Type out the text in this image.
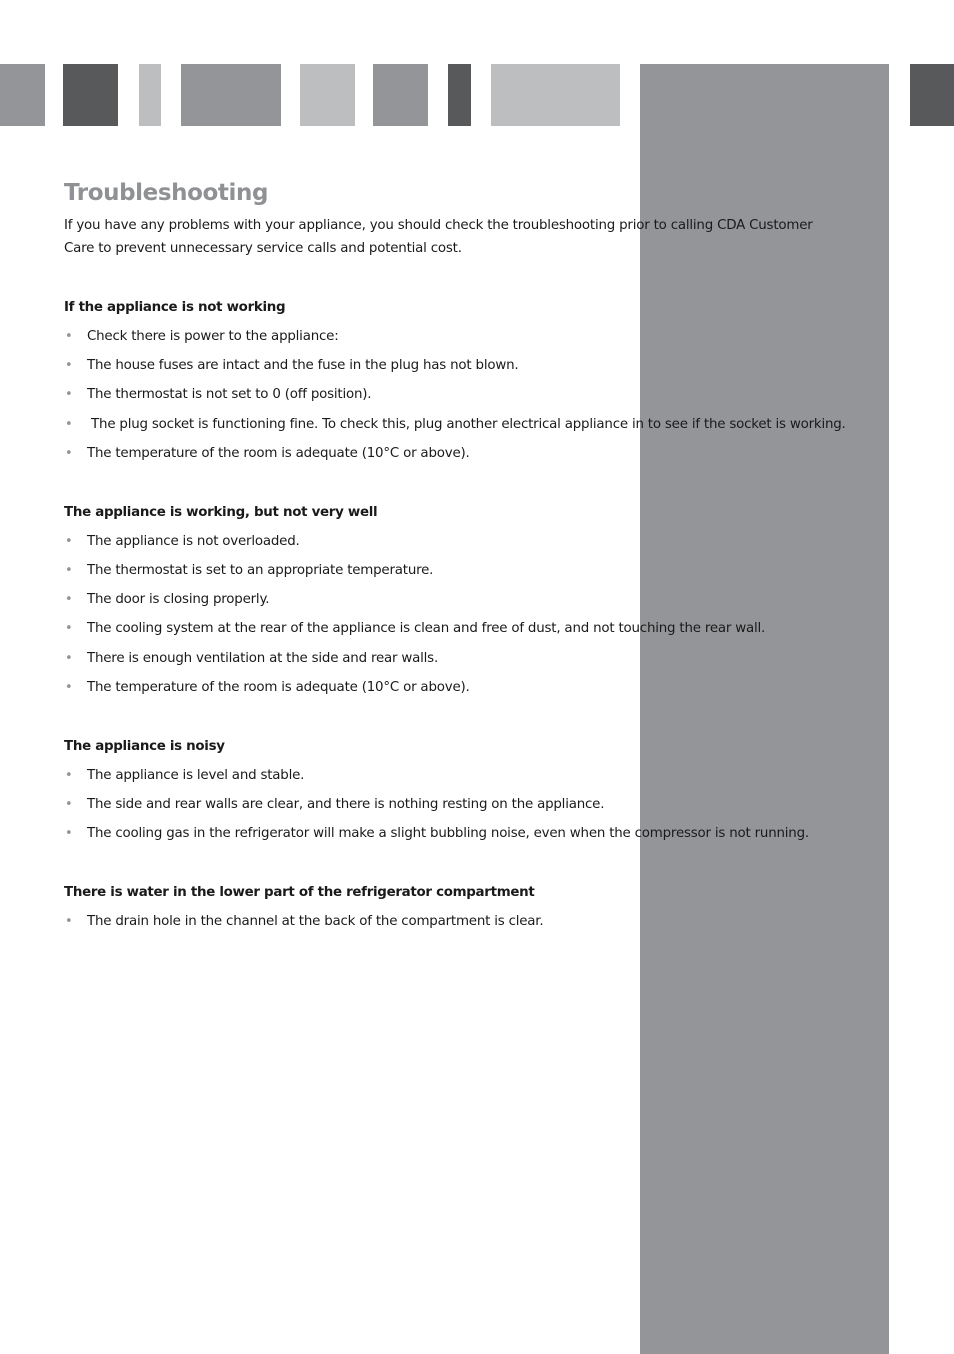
Troubleshooting

If you have any problems with your appliance, you should check the troubleshooting prior to calling CDA Customer Care to prevent unnecessary service calls and potential cost.

If the appliance is not working
• Check there is power to the appliance:
• The house fuses are intact and the fuse in the plug has not blown.
• The thermostat is not set to 0 (off position).
• The plug socket is functioning fine. To check this, plug another electrical appliance in to see if the socket is working.
• The temperature of the room is adequate (10°C or above).
The appliance is working, but not very well
• The appliance is not overloaded.
• The thermostat is set to an appropriate temperature.
• The door is closing properly.
• The cooling system at the rear of the appliance is clean and free of dust, and not touching the rear wall.
• There is enough ventilation at the side and rear walls.
• The temperature of the room is adequate (10°C or above).
The appliance is noisy
• The appliance is level and stable.
• The side and rear walls are clear, and there is nothing resting on the appliance.
• The cooling gas in the refrigerator will make a slight bubbling noise, even when the compressor is not running.
There is water in the lower part of the refrigerator compartment
• The drain hole in the channel at the back of the compartment is clear.
